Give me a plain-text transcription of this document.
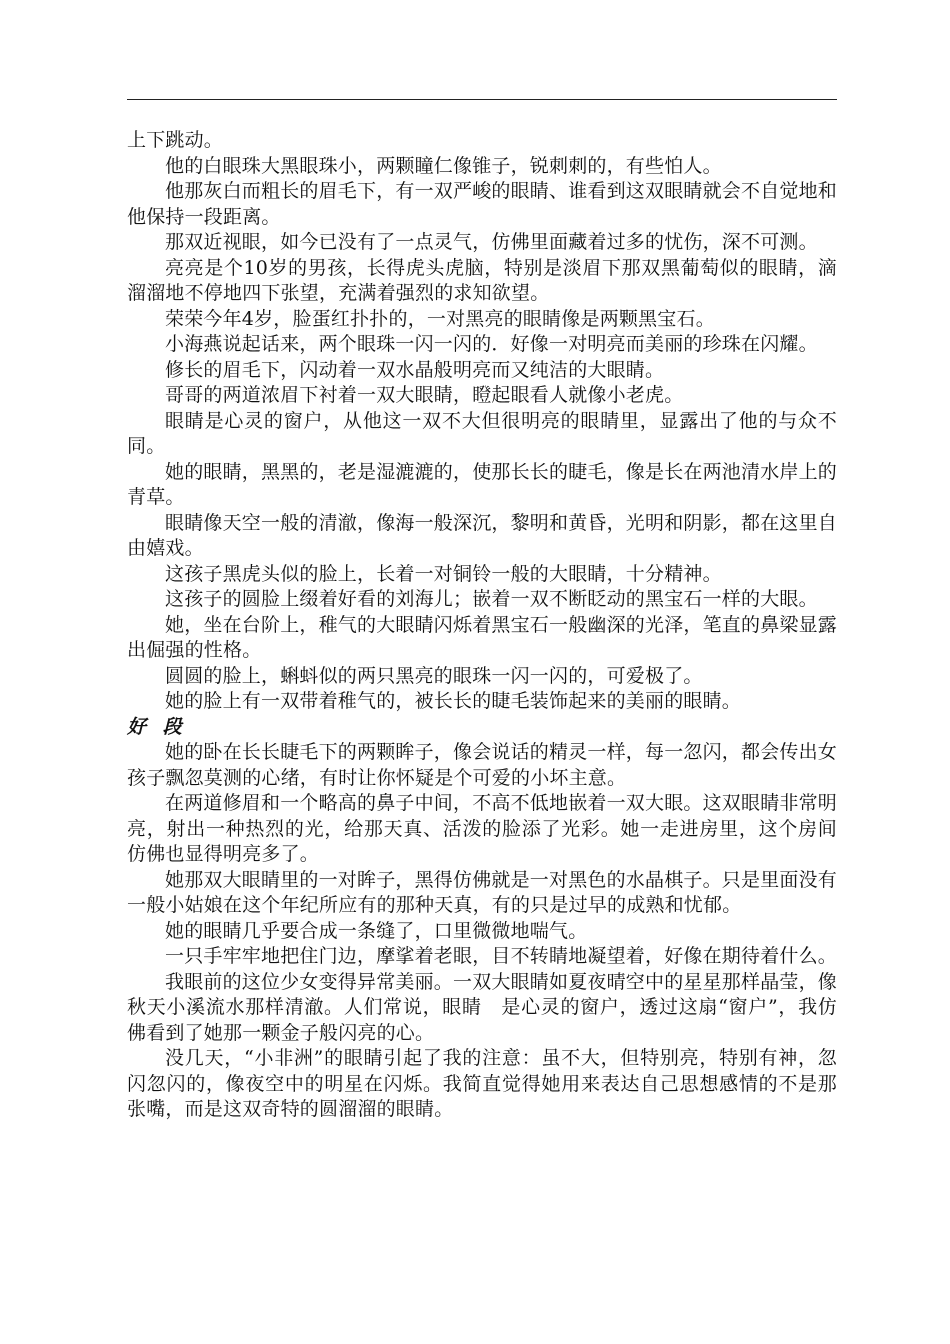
上下跳动。

他的白眼珠大黑眼珠小，两颗瞳仁像锥子，锐刺刺的，有些怕人。

他那灰白而粗长的眉毛下，有一双严峻的眼睛、谁看到这双眼睛就会不自觉地和他保持一段距离。

那双近视眼，如今已没有了一点灵气，仿佛里面藏着过多的忧伤，深不可测。

亮亮是个10岁的男孩，长得虎头虎脑，特别是淡眉下那双黑葡萄似的眼睛，滴溜溜地不停地四下张望，充满着强烈的求知欲望。

荣荣今年4岁，脸蛋红扑扑的，一对黑亮的眼睛像是两颗黑宝石。

小海燕说起话来，两个眼珠一闪一闪的．好像一对明亮而美丽的珍珠在闪耀。

修长的眉毛下，闪动着一双水晶般明亮而又纯洁的大眼睛。

哥哥的两道浓眉下衬着一双大眼睛，瞪起眼看人就像小老虎。

眼睛是心灵的窗户，从他这一双不大但很明亮的眼睛里，显露出了他的与众不同。

她的眼睛，黑黑的，老是湿漉漉的，使那长长的睫毛，像是长在两池清水岸上的青草。

眼睛像天空一般的清澈，像海一般深沉，黎明和黄昏，光明和阴影，都在这里自由嬉戏。

这孩子黑虎头似的脸上，长着一对铜铃一般的大眼睛，十分精神。

这孩子的圆脸上缀着好看的刘海儿；嵌着一双不断眨动的黑宝石一样的大眼。

她，坐在台阶上，稚气的大眼睛闪烁着黑宝石一般幽深的光泽，笔直的鼻梁显露出倔强的性格。

圆圆的脸上，蝌蚪似的两只黑亮的眼珠一闪一闪的，可爱极了。

她的脸上有一双带着稚气的，被长长的睫毛装饰起来的美丽的眼睛。

好 段

她的卧在长长睫毛下的两颗眸子，像会说话的精灵一样，每一忽闪，都会传出女孩子飘忽莫测的心绪，有时让你怀疑是个可爱的小坏主意。

在两道修眉和一个略高的鼻子中间，不高不低地嵌着一双大眼。这双眼睛非常明亮，射出一种热烈的光，给那天真、活泼的脸添了光彩。她一走进房里，这个房间仿佛也显得明亮多了。

她那双大眼睛里的一对眸子，黑得仿佛就是一对黑色的水晶棋子。只是里面没有一般小姑娘在这个年纪所应有的那种天真，有的只是过早的成熟和忧郁。

她的眼睛几乎要合成一条缝了，口里微微地喘气。

一只手牢牢地把住门边，摩挲着老眼，目不转睛地凝望着，好像在期待着什么。

我眼前的这位少女变得异常美丽。一双大眼睛如夏夜晴空中的星星那样晶莹，像秋天小溪流水那样清澈。人们常说，眼睛　是心灵的窗户，透过这扇“窗户”，我仿佛看到了她那一颗金子般闪亮的心。

没几天，“小非洲”的眼睛引起了我的注意：虽不大，但特别亮，特别有神，忽闪忽闪的，像夜空中的明星在闪烁。我简直觉得她用来表达自己思想感情的不是那张嘴，而是这双奇特的圆溜溜的眼睛。
